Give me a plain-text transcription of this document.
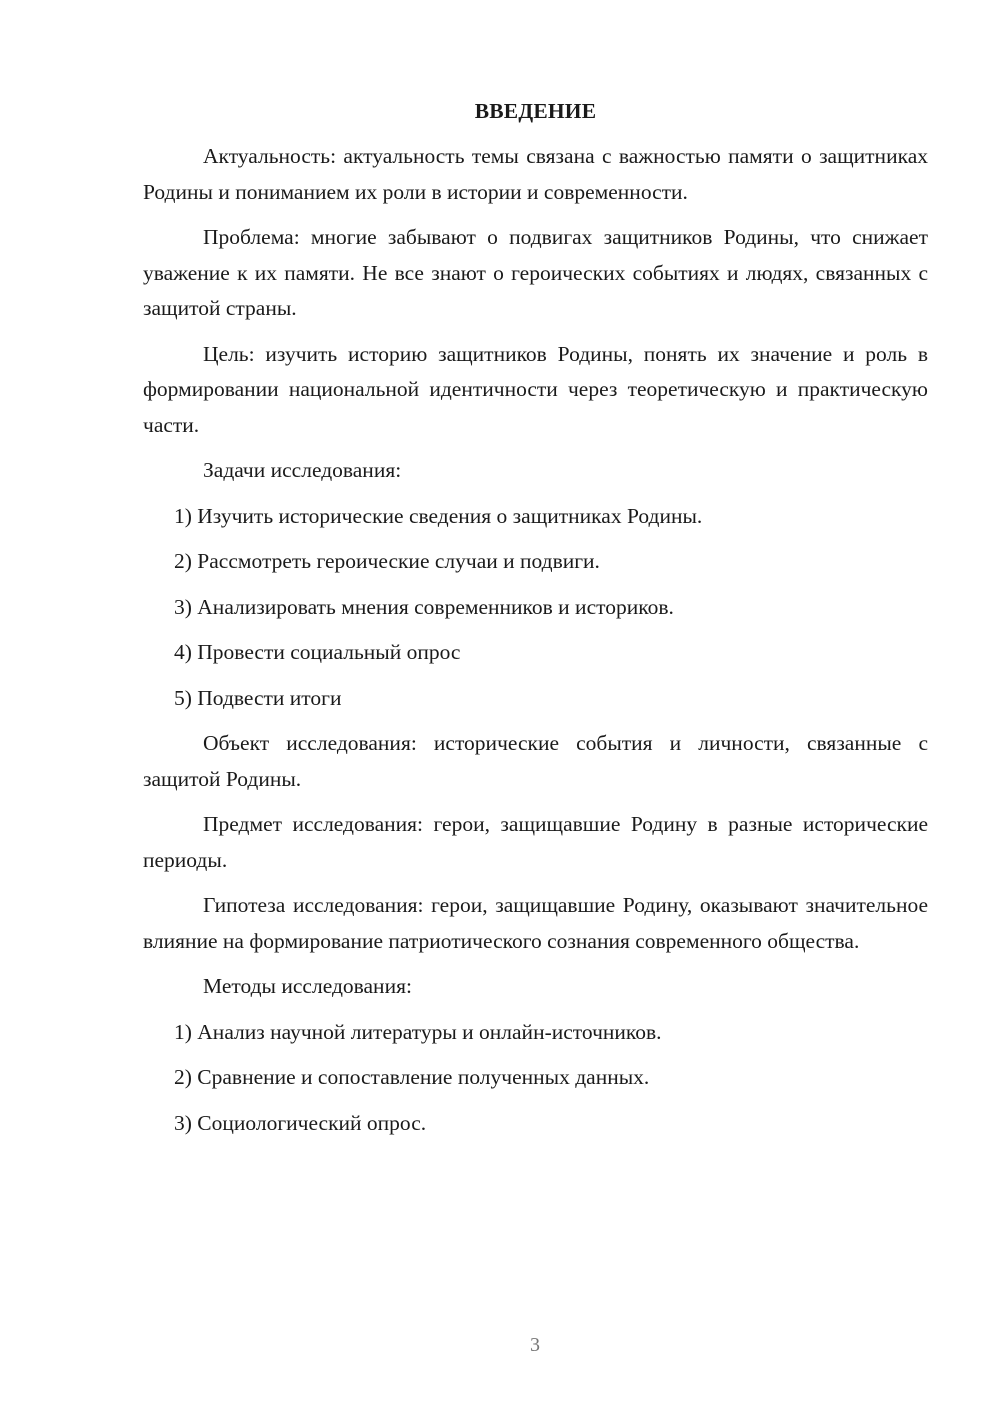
ВВЕДЕНИЕ

Актуальность: актуальность темы связана с важностью памяти о защитниках Родины и пониманием их роли в истории и современности.

Проблема: многие забывают о подвигах защитников Родины, что снижает уважение к их памяти. Не все знают о героических событиях и людях, связанных с защитой страны.

Цель: изучить историю защитников Родины, понять их значение и роль в формировании национальной идентичности через теоретическую и практическую части.

Задачи исследования:

1) Изучить исторические сведения о защитниках Родины.
2) Рассмотреть героические случаи и подвиги.
3) Анализировать мнения современников и историков.
4) Провести социальный опрос
5) Подвести итоги

Объект исследования: исторические события и личности, связанные с защитой Родины.

Предмет исследования: герои, защищавшие Родину в разные исторические периоды.

Гипотеза исследования: герои, защищавшие Родину, оказывают значительное влияние на формирование патриотического сознания современного общества.

Методы исследования:

1) Анализ научной литературы и онлайн-источников.
2) Сравнение и сопоставление полученных данных.
3) Социологический опрос.
3
